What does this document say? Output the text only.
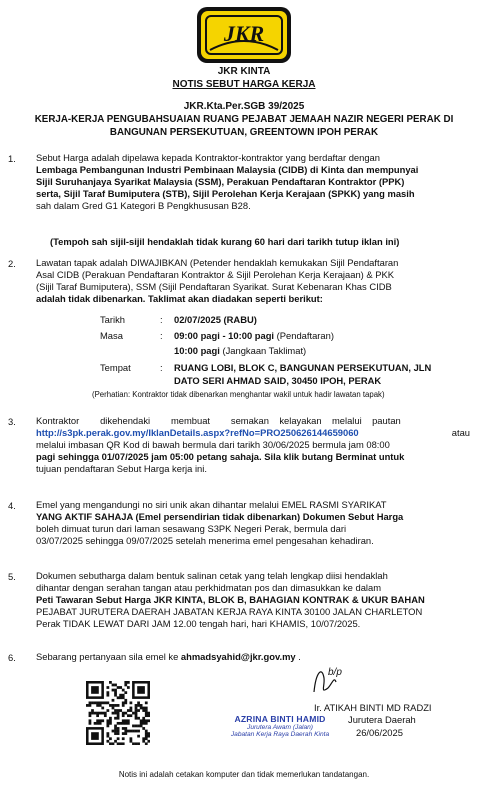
JKR
JKR KINTA
NOTIS SEBUT HARGA KERJA
JKR.Kta.Per.SGB 39/2025
KERJA-KERJA PENGUBAHSUAIAN RUANG PEJABAT JEMAAH NAZIR NEGERI PERAK DI
BANGUNAN PERSEKUTUAN, GREENTOWN IPOH PERAK
1. Sebut Harga adalah dipelawa kepada Kontraktor-kontraktor yang berdaftar dengan
Lembaga Pembangunan Industri Pembinaan Malaysia (CIDB) di Kinta dan mempunyai
Sijil Suruhanjaya Syarikat Malaysia (SSM), Perakuan Pendaftaran Kontraktor (PPK)
serta, Sijil Taraf Bumiputera (STB), Sijil Perolehan Kerja Kerajaan (SPKK) yang masih
sah dalam Gred G1 Kategori B Pengkhususan B28.
(Tempoh sah sijil-sijil hendaklah tidak kurang 60 hari dari tarikh tutup iklan ini)
2. Lawatan tapak adalah DIWAJIBKAN (Petender hendaklah kemukakan Sijil Pendaftaran
Asal CIDB (Perakuan Pendaftaran Kontraktor & Sijil Perolehan Kerja Kerajaan) & PKK
(Sijil Taraf Bumiputera), SSM (Sijil Pendaftaran Syarikat. Surat Kebenaran Khas CIDB
adalah tidak dibenarkan. Taklimat akan diadakan seperti berikut:
Tarikh	: 02/07/2025 (RABU)
Masa	: 09:00 pagi - 10:00 pagi (Pendaftaran)
10:00 pagi (Jangkaan Taklimat)
Tempat	: RUANG LOBI, BLOK C, BANGUNAN PERSEKUTUAN, JLN
DATO SERI AHMAD SAID, 30450 IPOH, PERAK
(Perhatian: Kontraktor tidak dibenarkan menghantar wakil untuk hadir lawatan tapak)
3. Kontraktor        dikehendaki        membuat        semakan    kelayakan    melalui    pautan
http://s3pk.perak.gov.my/IklanDetails.aspx?refNo=PRO250626144659060	atau
melalui imbasan QR Kod di bawah bermula dari tarikh 30/06/2025 bermula jam 08:00
pagi sehingga 01/07/2025 jam 05:00 petang sahaja. Sila klik butang Berminat untuk
tujuan pendaftaran Sebut Harga kerja ini.
4. Emel yang mengandungi no siri unik akan dihantar melalui EMEL RASMI SYARIKAT
YANG AKTIF SAHAJA (Emel persendirian tidak dibenarkan) Dokumen Sebut Harga
boleh dimuat turun dari laman sesawang S3PK Negeri Perak, bermula dari
03/07/2025 sehingga 09/07/2025 setelah menerima emel pengesahan kehadiran.
5. Dokumen sebutharga dalam bentuk salinan cetak yang telah lengkap diisi hendaklah
dihantar dengan serahan tangan atau perkhidmatan pos dan dimasukkan ke dalam
Peti Tawaran Sebut Harga JKR KINTA, BLOK B, BAHAGIAN KONTRAK & UKUR BAHAN
PEJABAT JURUTERA DAERAH JABATAN KERJA RAYA KINTA 30100 JALAN CHARLETON
Perak TIDAK LEWAT DARI JAM 12.00 tengah hari, hari KHAMIS, 10/07/2025.
6. Sebarang pertanyaan sila emel ke ahmadsyahid@jkr.gov.my .
AZRINA BINTI HAMID
Jurutera Awam (Jalan)
Jabatan Kerja Raya Daerah Kinta
b/p
Ir. ATIKAH BINTI MD RADZI
Jurutera Daerah
26/06/2025
Notis ini adalah cetakan komputer dan tidak memerlukan tandatangan.
